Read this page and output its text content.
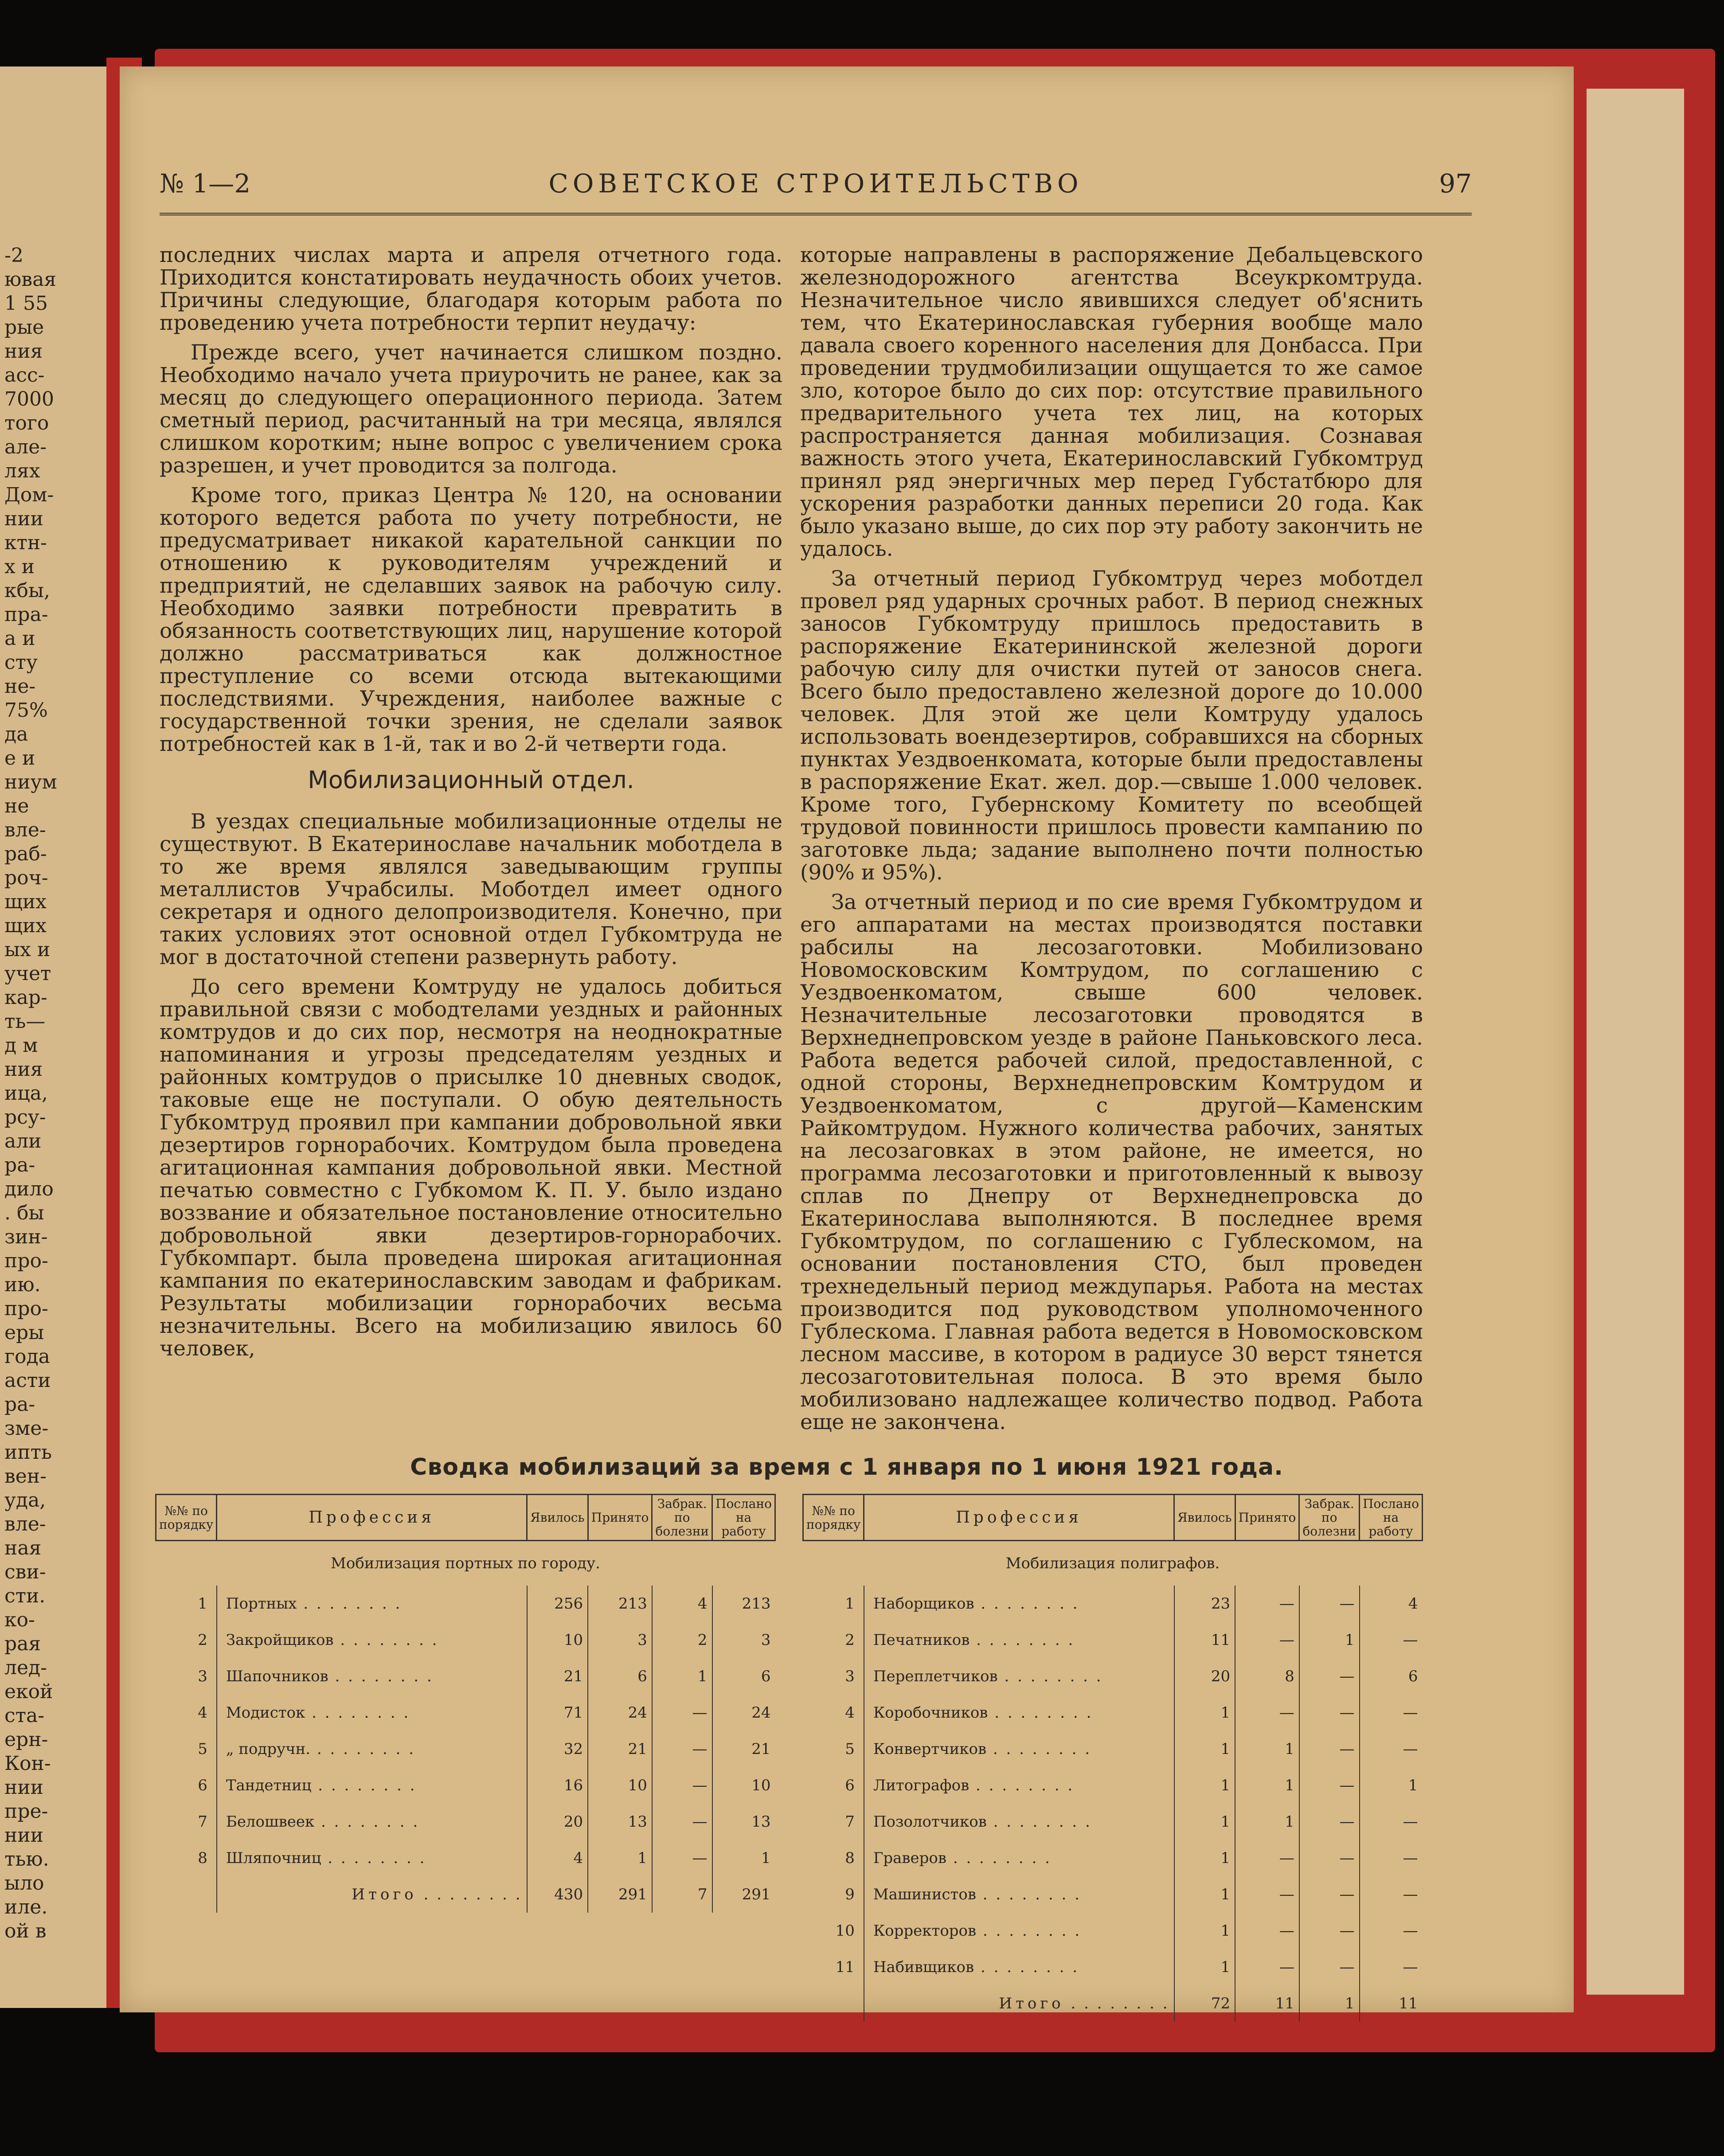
-2
ювая
1 55
рые
ния
асс-
7000
того
але-
лях
Дом-
нии
ктн-
х и
кбы,
пра-
а и
сту
не-
75%
да
е и
ниум
не
вле-
раб-
роч-
щих
щих
ых и
учет
кар-
ть—
д м
ния
ица,
рсу-
али
ра-
дило
. бы
зин-
про-
ию.
про-
еры
года
асти
ра-
зме-
ипть
вен-
уда,
вле-
ная
сви-
сти.
ко-
рая
лед-
екой
ста-
ерн-
Кон-
нии
пре-
нии
тью.
ыло
иле.
ой в
№ 1—2	СОВЕТСКОЕ СТРОИТЕЛЬСТВО	97

последних числах марта и апреля отчетного года. Приходится констатировать неудачность обоих учетов. Причины следующие, благодаря которым работа по проведению учета потребности терпит неудачу:

Прежде всего, учет начинается слишком поздно. Необходимо начало учета приурочить не ранее, как за месяц до следующего операционного периода. Затем сметный период, расчитанный на три месяца, являлся слишком коротким; ныне вопрос с увеличением срока разрешен, и учет проводится за полгода.

Кроме того, приказ Центра № 120, на основании которого ведется работа по учету потребности, не предусматривает никакой карательной санкции по отношению к руководителям учреждений и предприятий, не сделавших заявок на рабочую силу. Необходимо заявки потребности превратить в обязанность соответствующих лиц, нарушение которой должно рассматриваться как должностное преступление со всеми отсюда вытекающими последствиями. Учреждения, наиболее важные с государственной точки зрения, не сделали заявок потребностей как в 1-й, так и во 2-й четверти года.

Мобилизационный отдел.

В уездах специальные мобилизационные отделы не существуют. В Екатеринославе начальник моботдела в то же время являлся заведывающим группы металлистов Учрабсилы. Моботдел имеет одного секретаря и одного делопроизводителя. Конечно, при таких условиях этот основной отдел Губкомтруда не мог в достаточной степени развернуть работу.

До сего времени Комтруду не удалось добиться правильной связи с мободтелами уездных и районных комтрудов и до сих пор, несмотря на неоднократные напоминания и угрозы председателям уездных и районных комтрудов о присылке 10 дневных сводок, таковые еще не поступали. О обую деятельность Губкомтруд проявил при кампании добровольной явки дезертиров горнорабочих. Комтрудом была проведена агитационная кампания добровольной явки. Местной печатью совместно с Губкомом К. П. У. было издано воззвание и обязательное постановление относительно добровольной явки дезертиров-горнорабочих. Губкомпарт. была проведена широкая агитационная кампания по екатеринославским заводам и фабрикам. Результаты мобилизации горнорабочих весьма незначительны. Всего на мобилизацию явилось 60 человек,

которые направлены в распоряжение Дебальцевского железнодорожного агентства Всеукркомтруда. Незначительное число явившихся следует об'яснить тем, что Екатеринославская губерния вообще мало давала своего коренного населения для Донбасса. При проведении трудмобилизации ощущается то же самое зло, которое было до сих пор: отсутствие правильного предварительного учета тех лиц, на которых распространяется данная мобилизация. Сознавая важность этого учета, Екатеринославский Губкомтруд принял ряд энергичных мер перед Губстатбюро для ускорения разработки данных переписи 20 года. Как было указано выше, до сих пор эту работу закончить не удалось.

За отчетный период Губкомтруд через мобoтдел провел ряд ударных срочных работ. В период снежных заносов Губкомтруду пришлось предоставить в распоряжение Екатерининской железной дороги рабочую силу для очистки путей от заносов снега. Всего было предоставлено железной дороге до 10.000 человек. Для этой же цели Комтруду удалось использовать воендезертиров, собравшихся на сборных пунктах Уездвоенкомата, которые были предоставлены в распоряжение Екат. жел. дор.—свыше 1.000 человек. Кроме того, Губернскому Комитету по всеобщей трудовой повинности пришлось провести кампанию по заготовке льда; задание выполнено почти полностью (90% и 95%).

За отчетный период и по сие время Губкомтрудом и его аппаратами на местах производятся поставки рабсилы на лесозаготовки. Мобилизовано Новомосковским Комтрудом, по соглашению с Уездвоенкоматом, свыше 600 человек. Незначительные лесозаготовки проводятся в Верхнеднепровском уезде в районе Паньковского леса. Работа ведется рабочей силой, предоставленной, с одной стороны, Верхнеднепровским Комтрудом и Уездвоенкоматом, с другой—Каменским Райкомтрудом. Нужного количества рабочих, занятых на лесозаговках в этом районе, не имеется, но программа лесозаготовки и приготовленный к вывозу сплав по Днепру от Верхнеднепровска до Екатеринослава выполняются. В последнее время Губкомтрудом, по соглашению с Гублескомом, на основании постановления СТО, был проведен трехнедельный период междупарья. Работа на местах производится под руководством уполномоченного Гублескома. Главная работа ведется в Новомосковском лесном массиве, в котором в радиусе 30 верст тянется лесозаготовительная полоса. В это время было мобилизовано надлежащее количество подвод. Работа еще не закончена.

Сводка мобилизаций за время с 1 января по 1 июня 1921 года.
№№ по порядку	Профессия	Явилось	Принято	Забрак. по болезни	Послано на работу
Мобилизация портных по городу.					
1	Портных . . .	256	213	4	213
2	Закройщиков . . .	10	3	2	3
3	Шапочников . . .	21	6	1	6
4	Модисток . . .	71	24	—	24
5	„ подручн. . . .	32	21	—	21
6	Тандетниц . . .	16	10	—	10
7	Белошвеек . . .	20	13	—	13
8	Шляпочниц . . .	4	1	—	1
	Итого . . .	430	291	7	291
№№ по порядку	Профессия	Явилось	Принято	Забрак. по болезни	Послано на работу
Мобилизация полиграфов.					
1	Наборщиков . . .	23	—	—	4
2	Печатников . . .	11	—	1	—
3	Переплетчиков . . .	20	8	—	6
4	Коробочников . . .	1	—	—	—
5	Конвертчиков . . .	1	1	—	—
6	Литографов . . .	1	1	—	1
7	Позолотчиков . . .	1	1	—	—
8	Граверов . . .	1	—	—	—
9	Машинистов . . .	1	—	—	—
10	Корректоров . . .	1	—	—	—
11	Набивщиков . . .	1	—	—	—
	Итого . . .	72	11	1	11
